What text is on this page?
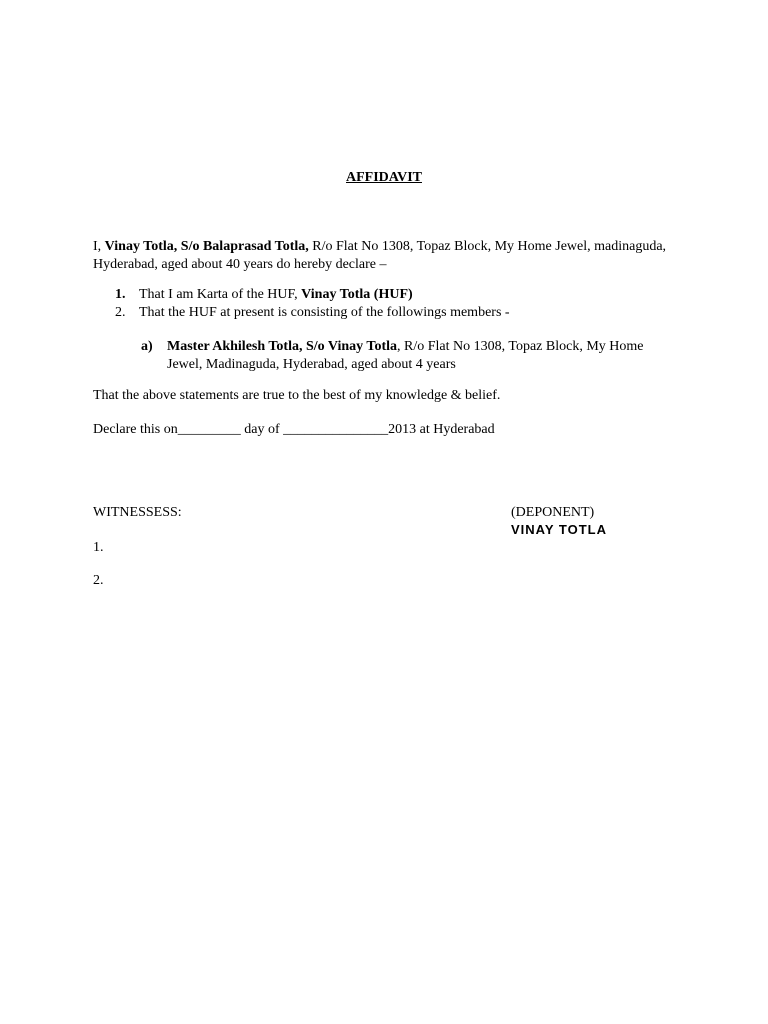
AFFIDAVIT
I, Vinay Totla, S/o Balaprasad Totla, R/o Flat No 1308, Topaz Block, My Home Jewel, madinaguda, Hyderabad, aged about 40 years do hereby declare –
1. That I am Karta of the HUF, Vinay Totla (HUF)
2. That the HUF at present is consisting of the followings members -
a) Master Akhilesh Totla, S/o Vinay Totla, R/o Flat No 1308, Topaz Block, My Home Jewel, Madinaguda, Hyderabad, aged about 4 years
That the above statements are true to the best of my knowledge & belief.
Declare this on_________ day of _______________2013 at Hyderabad
WITNESSESS:	(DEPONENT)
VINAY TOTLA
1.
2.
